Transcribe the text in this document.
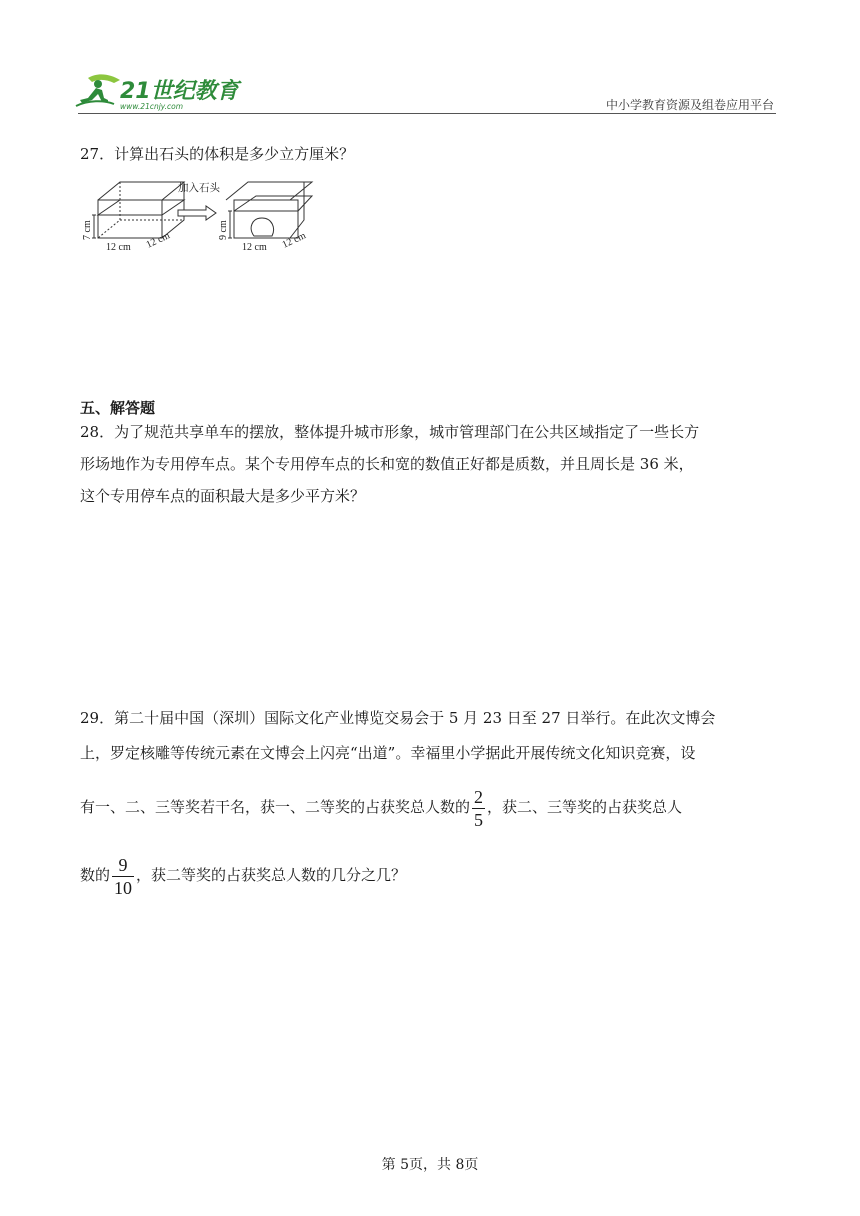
21世纪教育
www.21cnjy.com	中小学教育资源及组卷应用平台
27．计算出石头的体积是多少立方厘米？
加入石头
7 cm
12 cm 12 cm
9 cm
12 cm 12 cm
五、解答题
28．为了规范共享单车的摆放，整体提升城市形象，城市管理部门在公共区域指定了一些长方
形场地作为专用停车点。某个专用停车点的长和宽的数值正好都是质数，并且周长是 36 米，
这个专用停车点的面积最大是多少平方米？
29．第二十届中国（深圳）国际文化产业博览交易会于 5 月 23 日至 27 日举行。在此次文博会
上，罗定核雕等传统元素在文博会上闪亮“出道”。幸福里小学据此开展传统文化知识竞赛，设
有一、二、三等奖若干名，获一、二等奖的占获奖总人数的 $\frac{2}{5}$ ，获二、三等奖的占获奖总人
数的 $\frac{9}{10}$ ，获二等奖的占获奖总人数的几分之几？
第 5页，共 8页
